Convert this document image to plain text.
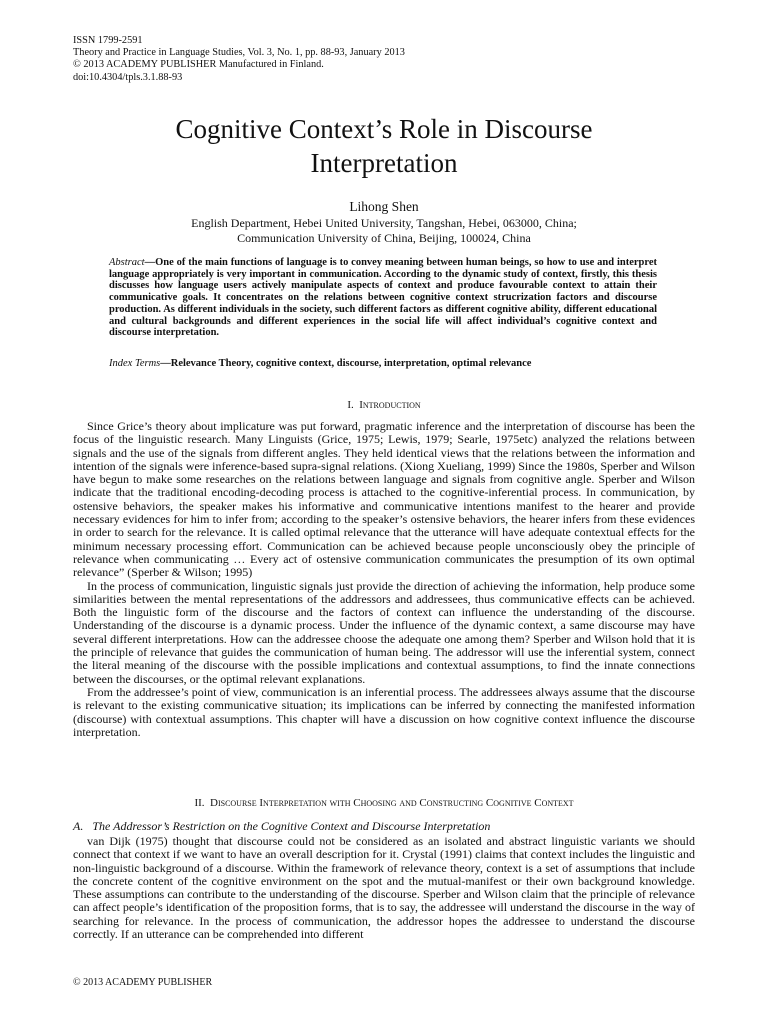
ISSN 1799-2591
Theory and Practice in Language Studies, Vol. 3, No. 1, pp. 88-93, January 2013
© 2013 ACADEMY PUBLISHER Manufactured in Finland.
doi:10.4304/tpls.3.1.88-93
Cognitive Context’s Role in Discourse
Interpretation
Lihong Shen
English Department, Hebei United University, Tangshan, Hebei, 063000, China;
Communication University of China, Beijing, 100024, China
Abstract—One of the main functions of language is to convey meaning between human beings, so how to use and interpret language appropriately is very important in communication. According to the dynamic study of context, firstly, this thesis discusses how language users actively manipulate aspects of context and produce favourable context to attain their communicative goals. It concentrates on the relations between cognitive context strucrization factors and discourse production. As different individuals in the society, such different factors as different cognitive ability, different educational and cultural backgrounds and different experiences in the social life will affect individual’s cognitive context and discourse interpretation.
Index Terms—Relevance Theory, cognitive context, discourse, interpretation, optimal relevance
I. Introduction

Since Grice’s theory about implicature was put forward, pragmatic inference and the interpretation of discourse has been the focus of the linguistic research. Many Linguists (Grice, 1975; Lewis, 1979; Searle, 1975etc) analyzed the relations between signals and the use of the signals from different angles. They held identical views that the relations between the information and intention of the signals were inference-based supra-signal relations. (Xiong Xueliang, 1999) Since the 1980s, Sperber and Wilson have begun to make some researches on the relations between language and signals from cognitive angle. Sperber and Wilson indicate that the traditional encoding-decoding process is attached to the cognitive-inferential process. In communication, by ostensive behaviors, the speaker makes his informative and communicative intentions manifest to the hearer and provide necessary evidences for him to infer from; according to the speaker’s ostensive behaviors, the hearer infers from these evidences in order to search for the relevance. It is called optimal relevance that the utterance will have adequate contextual effects for the minimum necessary processing effort. Communication can be achieved because people unconsciously obey the principle of relevance when communicating … Every act of ostensive communication communicates the presumption of its own optimal relevance” (Sperber & Wilson; 1995)

In the process of communication, linguistic signals just provide the direction of achieving the information, help produce some similarities between the mental representations of the addressors and addressees, thus communicative effects can be achieved. Both the linguistic form of the discourse and the factors of context can influence the understanding of the discourse. Understanding of the discourse is a dynamic process. Under the influence of the dynamic context, a same discourse may have several different interpretations. How can the addressee choose the adequate one among them? Sperber and Wilson hold that it is the principle of relevance that guides the communication of human being. The addressor will use the inferential system, connect the literal meaning of the discourse with the possible implications and contextual assumptions, to find the innate connections between the discourses, or the optimal relevant explanations.

From the addressee’s point of view, communication is an inferential process. The addressees always assume that the discourse is relevant to the existing communicative situation; its implications can be inferred by connecting the manifested information (discourse) with contextual assumptions. This chapter will have a discussion on how cognitive context influence the discourse interpretation.

II. Discourse Interpretation with Choosing and Constructing Cognitive Context
A. The Addressor’s Restriction on the Cognitive Context and Discourse Interpretation

van Dijk (1975) thought that discourse could not be considered as an isolated and abstract linguistic variants we should connect that context if we want to have an overall description for it. Crystal (1991) claims that context includes the linguistic and non-linguistic background of a discourse. Within the framework of relevance theory, context is a set of assumptions that include the concrete content of the cognitive environment on the spot and the mutual-manifest or their own background knowledge. These assumptions can contribute to the understanding of the discourse. Sperber and Wilson claim that the principle of relevance can affect people’s identification of the proposition forms, that is to say, the addressee will understand the discourse in the way of searching for relevance. In the process of communication, the addressor hopes the addressee to understand the discourse correctly. If an utterance can be comprehended into different

© 2013 ACADEMY PUBLISHER
